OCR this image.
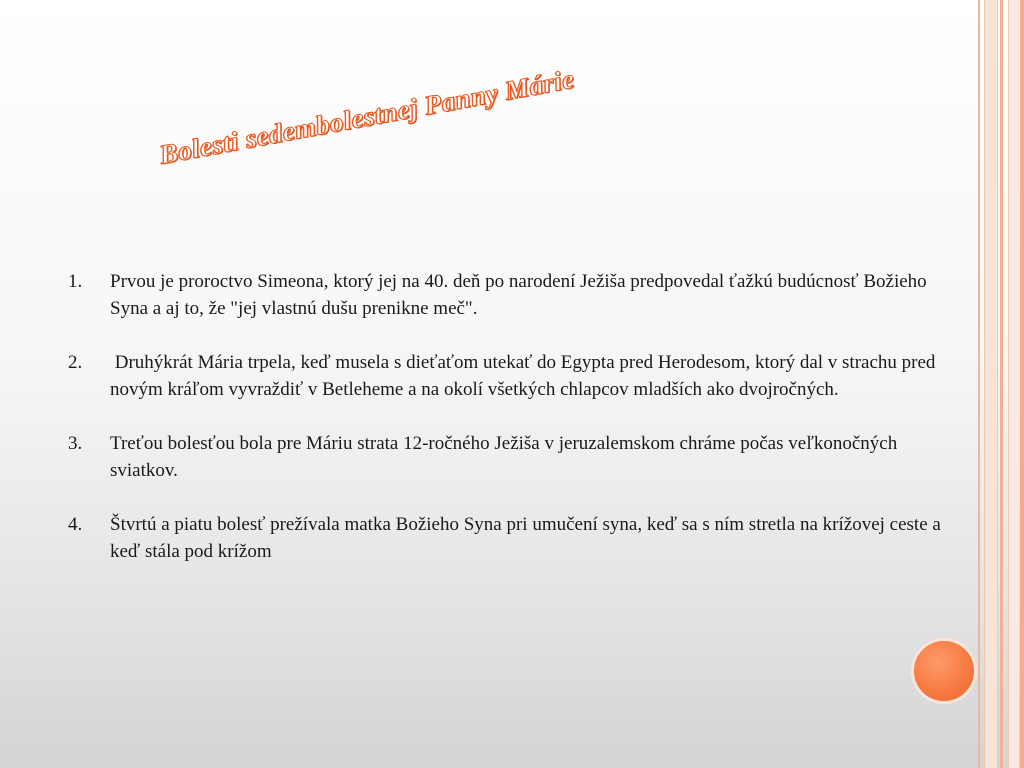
Bolesti sedembolestnej Panny Márie
1.	Prvou je proroctvo Simeona, ktorý jej na 40. deň po narodení Ježiša predpovedal ťažkú budúcnosť Božieho Syna a aj to, že "jej vlastnú dušu prenikne meč".
2.	Druhýkrát Mária trpela, keď musela s dieťaťom utekať do Egypta pred Herodesom, ktorý dal v strachu pred novým kráľom vyvraždiť v Betleheme a na okolí všetkých chlapcov mladších ako dvojročných.
3.	Treťou bolesťou bola pre Máriu strata 12-ročného Ježiša v jeruzalemskom chráme počas veľkonočných sviatkov.
4.	Štvrtú a piatu bolesť prežívala matka Božieho Syna pri umučení syna, keď sa s ním stretla na krížovej ceste a keď stála pod krížom
